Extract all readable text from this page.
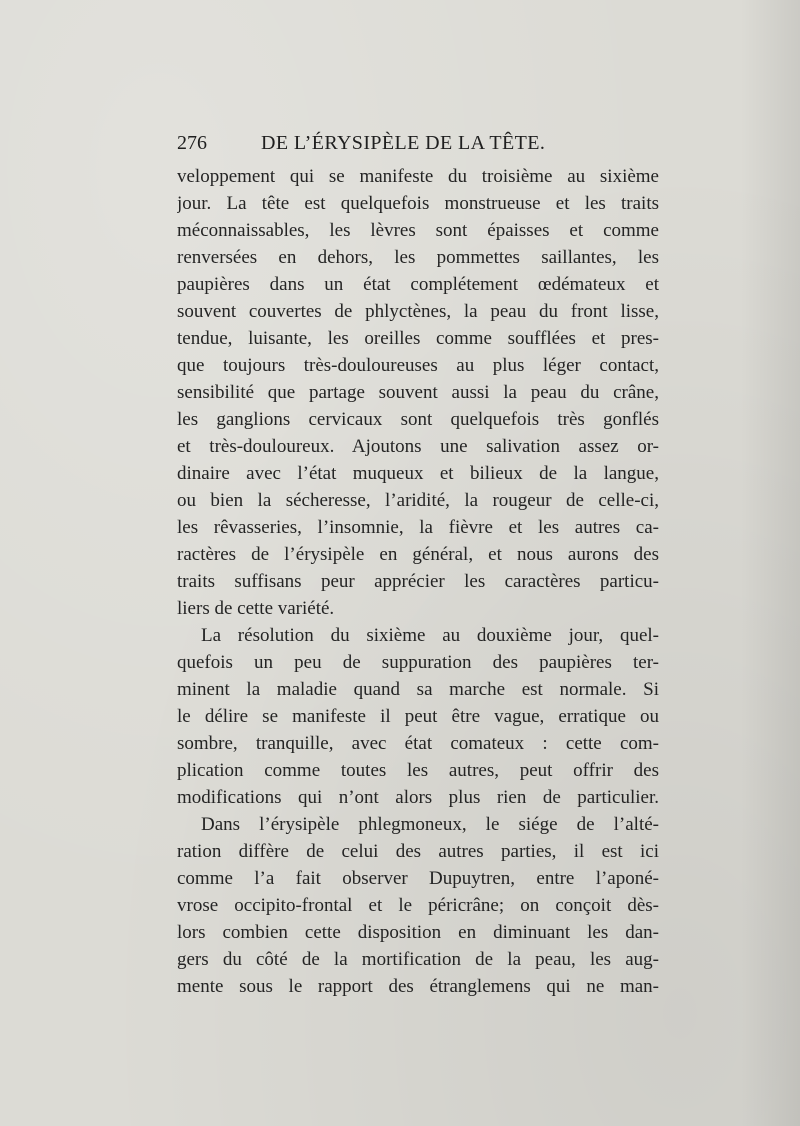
276	DE L’ÉRYSIPÈLE DE LA TÊTE.
veloppement qui se manifeste du troisième au sixième
jour. La tête est quelquefois monstrueuse et les traits
méconnaissables, les lèvres sont épaisses et comme
renversées en dehors, les pommettes saillantes, les
paupières dans un état complétement œdémateux et
souvent couvertes de phlyctènes, la peau du front lisse,
tendue, luisante, les oreilles comme soufflées et pres-
que toujours très-douloureuses au plus léger contact,
sensibilité que partage souvent aussi la peau du crâne,
les ganglions cervicaux sont quelquefois très gonflés
et très-douloureux. Ajoutons une salivation assez or-
dinaire avec l’état muqueux et bilieux de la langue,
ou bien la sécheresse, l’aridité, la rougeur de celle-ci,
les rêvasseries, l’insomnie, la fièvre et les autres ca-
ractères de l’érysipèle en général, et nous aurons des
traits suffisans peur apprécier les caractères particu-
liers de cette variété.
La résolution du sixième au douxième jour, quel-
quefois un peu de suppuration des paupières ter-
minent la maladie quand sa marche est normale. Si
le délire se manifeste il peut être vague, erratique ou
sombre, tranquille, avec état comateux : cette com-
plication comme toutes les autres, peut offrir des
modifications qui n’ont alors plus rien de particulier.
Dans l’érysipèle phlegmoneux, le siége de l’alté-
ration diffère de celui des autres parties, il est ici
comme l’a fait observer Dupuytren, entre l’aponé-
vrose occipito-frontal et le péricrâne; on conçoit dès-
lors combien cette disposition en diminuant les dan-
gers du côté de la mortification de la peau, les aug-
mente sous le rapport des étranglemens qui ne man-
